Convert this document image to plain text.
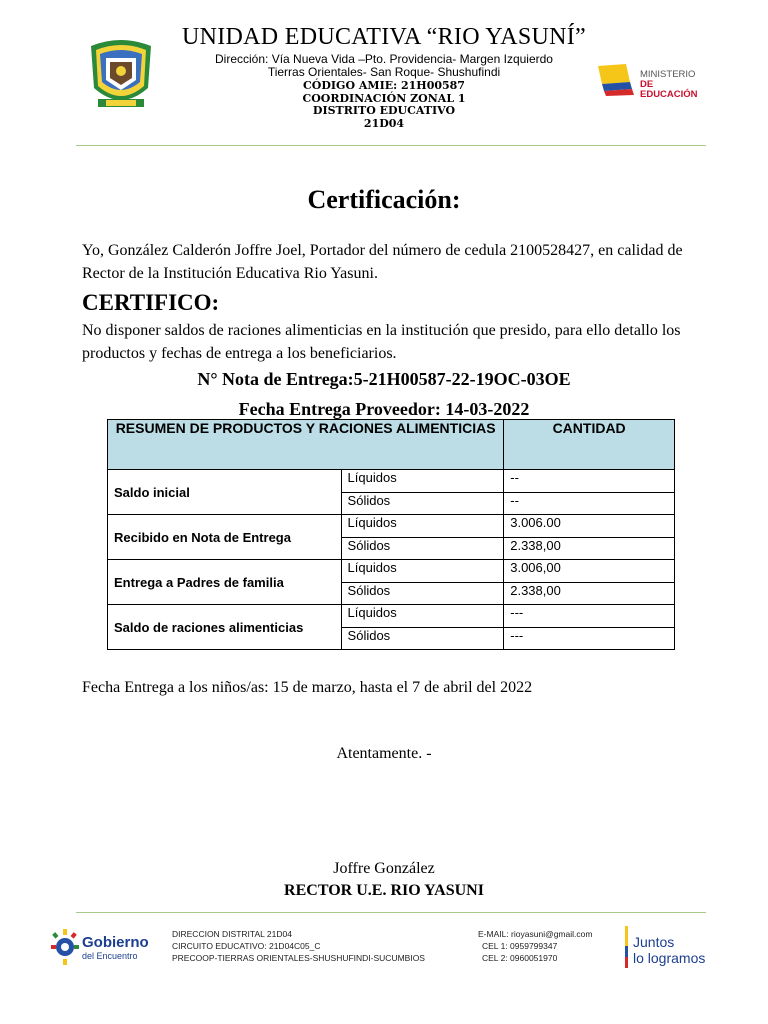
UNIDAD EDUCATIVA “RIO YASUNÍ”
Dirección: Vía Nueva Vida –Pto. Providencia- Margen Izquierdo
Tierras Orientales- San Roque- Shushufindi
CÓDIGO AMIE: 21H00587
COORDINACIÓN ZONAL 1
DISTRITO EDUCATIVO
21D04
MINISTERIO
DE EDUCACIÓN
Certificación:
Yo, González Calderón Joffre Joel, Portador del número de cedula 2100528427, en calidad de Rector de la Institución Educativa Rio Yasuni.
CERTIFICO:
No disponer saldos de raciones alimenticias en la institución que presido, para ello detallo los productos y fechas de entrega a los beneficiarios.
N° Nota de Entrega:5-21H00587-22-19OC-03OE
Fecha Entrega Proveedor: 14-03-2022
RESUMEN DE PRODUCTOS Y RACIONES ALIMENTICIAS		CANTIDAD
Saldo inicial	Líquidos	--
	Sólidos	--
Recibido en Nota de Entrega	Líquidos	3.006.00
	Sólidos	2.338,00
Entrega a Padres de familia	Líquidos	3.006,00
	Sólidos	2.338,00
Saldo de raciones alimenticias	Líquidos	---
	Sólidos	---
Fecha Entrega a los niños/as: 15 de marzo, hasta el 7 de abril del 2022
Atentamente. -
Joffre González
RECTOR U.E. RIO YASUNI
Gobierno
del Encuentro
DIRECCION DISTRITAL 21D04
CIRCUITO EDUCATIVO: 21D04C05_C
PRECOOP-TIERRAS ORIENTALES-SHUSHUFINDI-SUCUMBIOS
E-MAIL: rioyasuni@gmail.com
CEL 1: 0959799347
CEL 2: 0960051970
Juntos
lo logramos
